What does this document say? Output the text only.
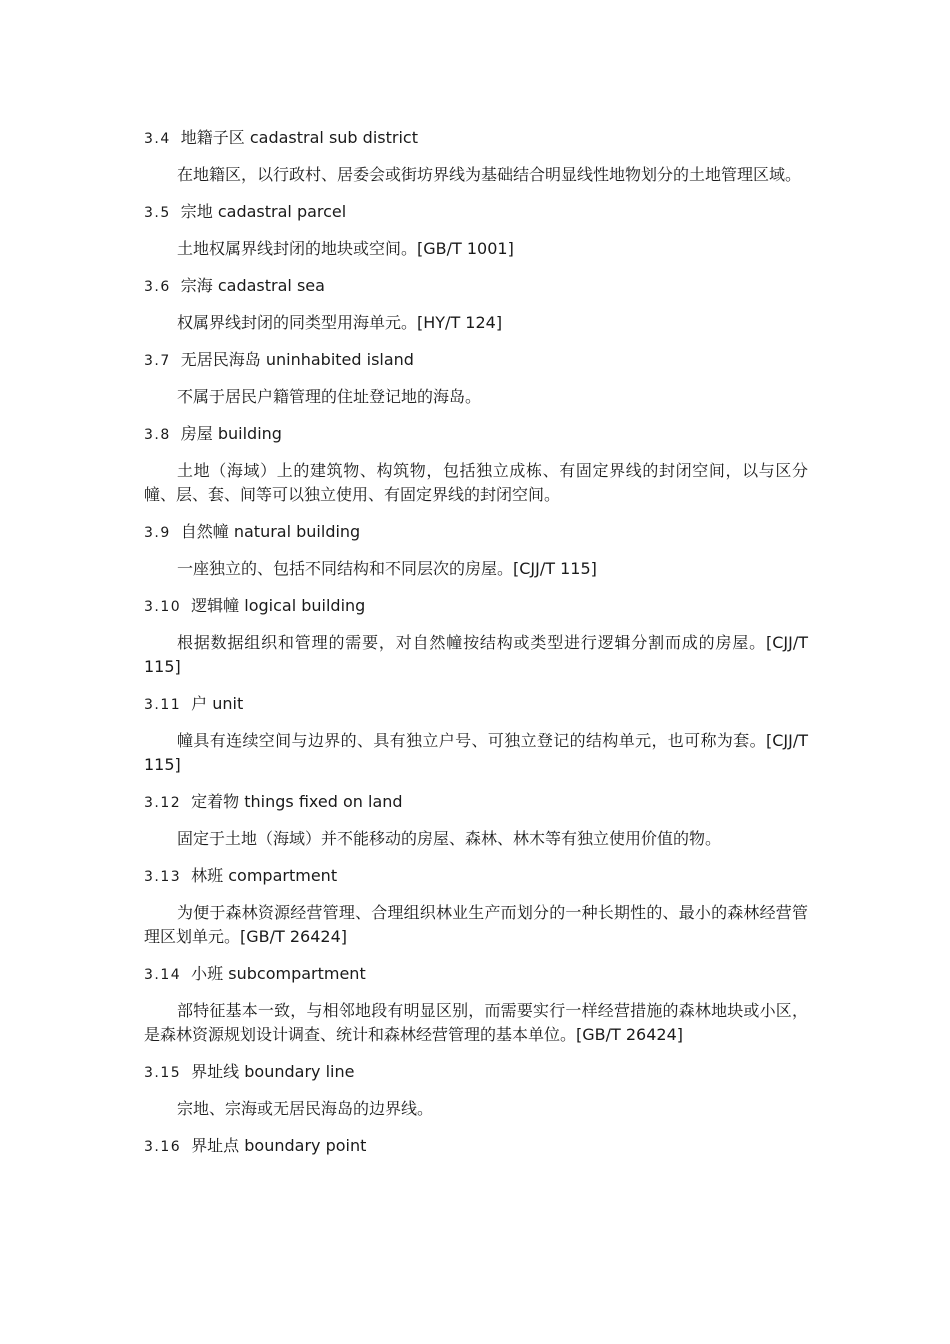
3.4 地籍子区 cadastral sub district

在地籍区，以行政村、居委会或街坊界线为基础结合明显线性地物划分的土地管理区域。

3.5 宗地 cadastral parcel

土地权属界线封闭的地块或空间。[GB/T 1001]

3.6 宗海 cadastral sea

权属界线封闭的同类型用海单元。[HY/T 124]

3.7 无居民海岛 uninhabited island

不属于居民户籍管理的住址登记地的海岛。

3.8 房屋 building

土地（海域）上的建筑物、构筑物，包括独立成栋、有固定界线的封闭空间，以与区分幢、层、套、间等可以独立使用、有固定界线的封闭空间。

3.9 自然幢 natural building

一座独立的、包括不同结构和不同层次的房屋。[CJJ/T 115]

3.10 逻辑幢 logical building

根据数据组织和管理的需要，对自然幢按结构或类型进行逻辑分割而成的房屋。[CJJ/T 115]

3.11 户 unit

幢具有连续空间与边界的、具有独立户号、可独立登记的结构单元，也可称为套。[CJJ/T 115]

3.12 定着物 things fixed on land

固定于土地（海域）并不能移动的房屋、森林、林木等有独立使用价值的物。

3.13 林班 compartment

为便于森林资源经营管理、合理组织林业生产而划分的一种长期性的、最小的森林经营管理区划单元。[GB/T 26424]

3.14 小班 subcompartment

部特征基本一致，与相邻地段有明显区别，而需要实行一样经营措施的森林地块或小区，是森林资源规划设计调查、统计和森林经营管理的基本单位。[GB/T 26424]

3.15 界址线 boundary line

宗地、宗海或无居民海岛的边界线。

3.16 界址点 boundary point
